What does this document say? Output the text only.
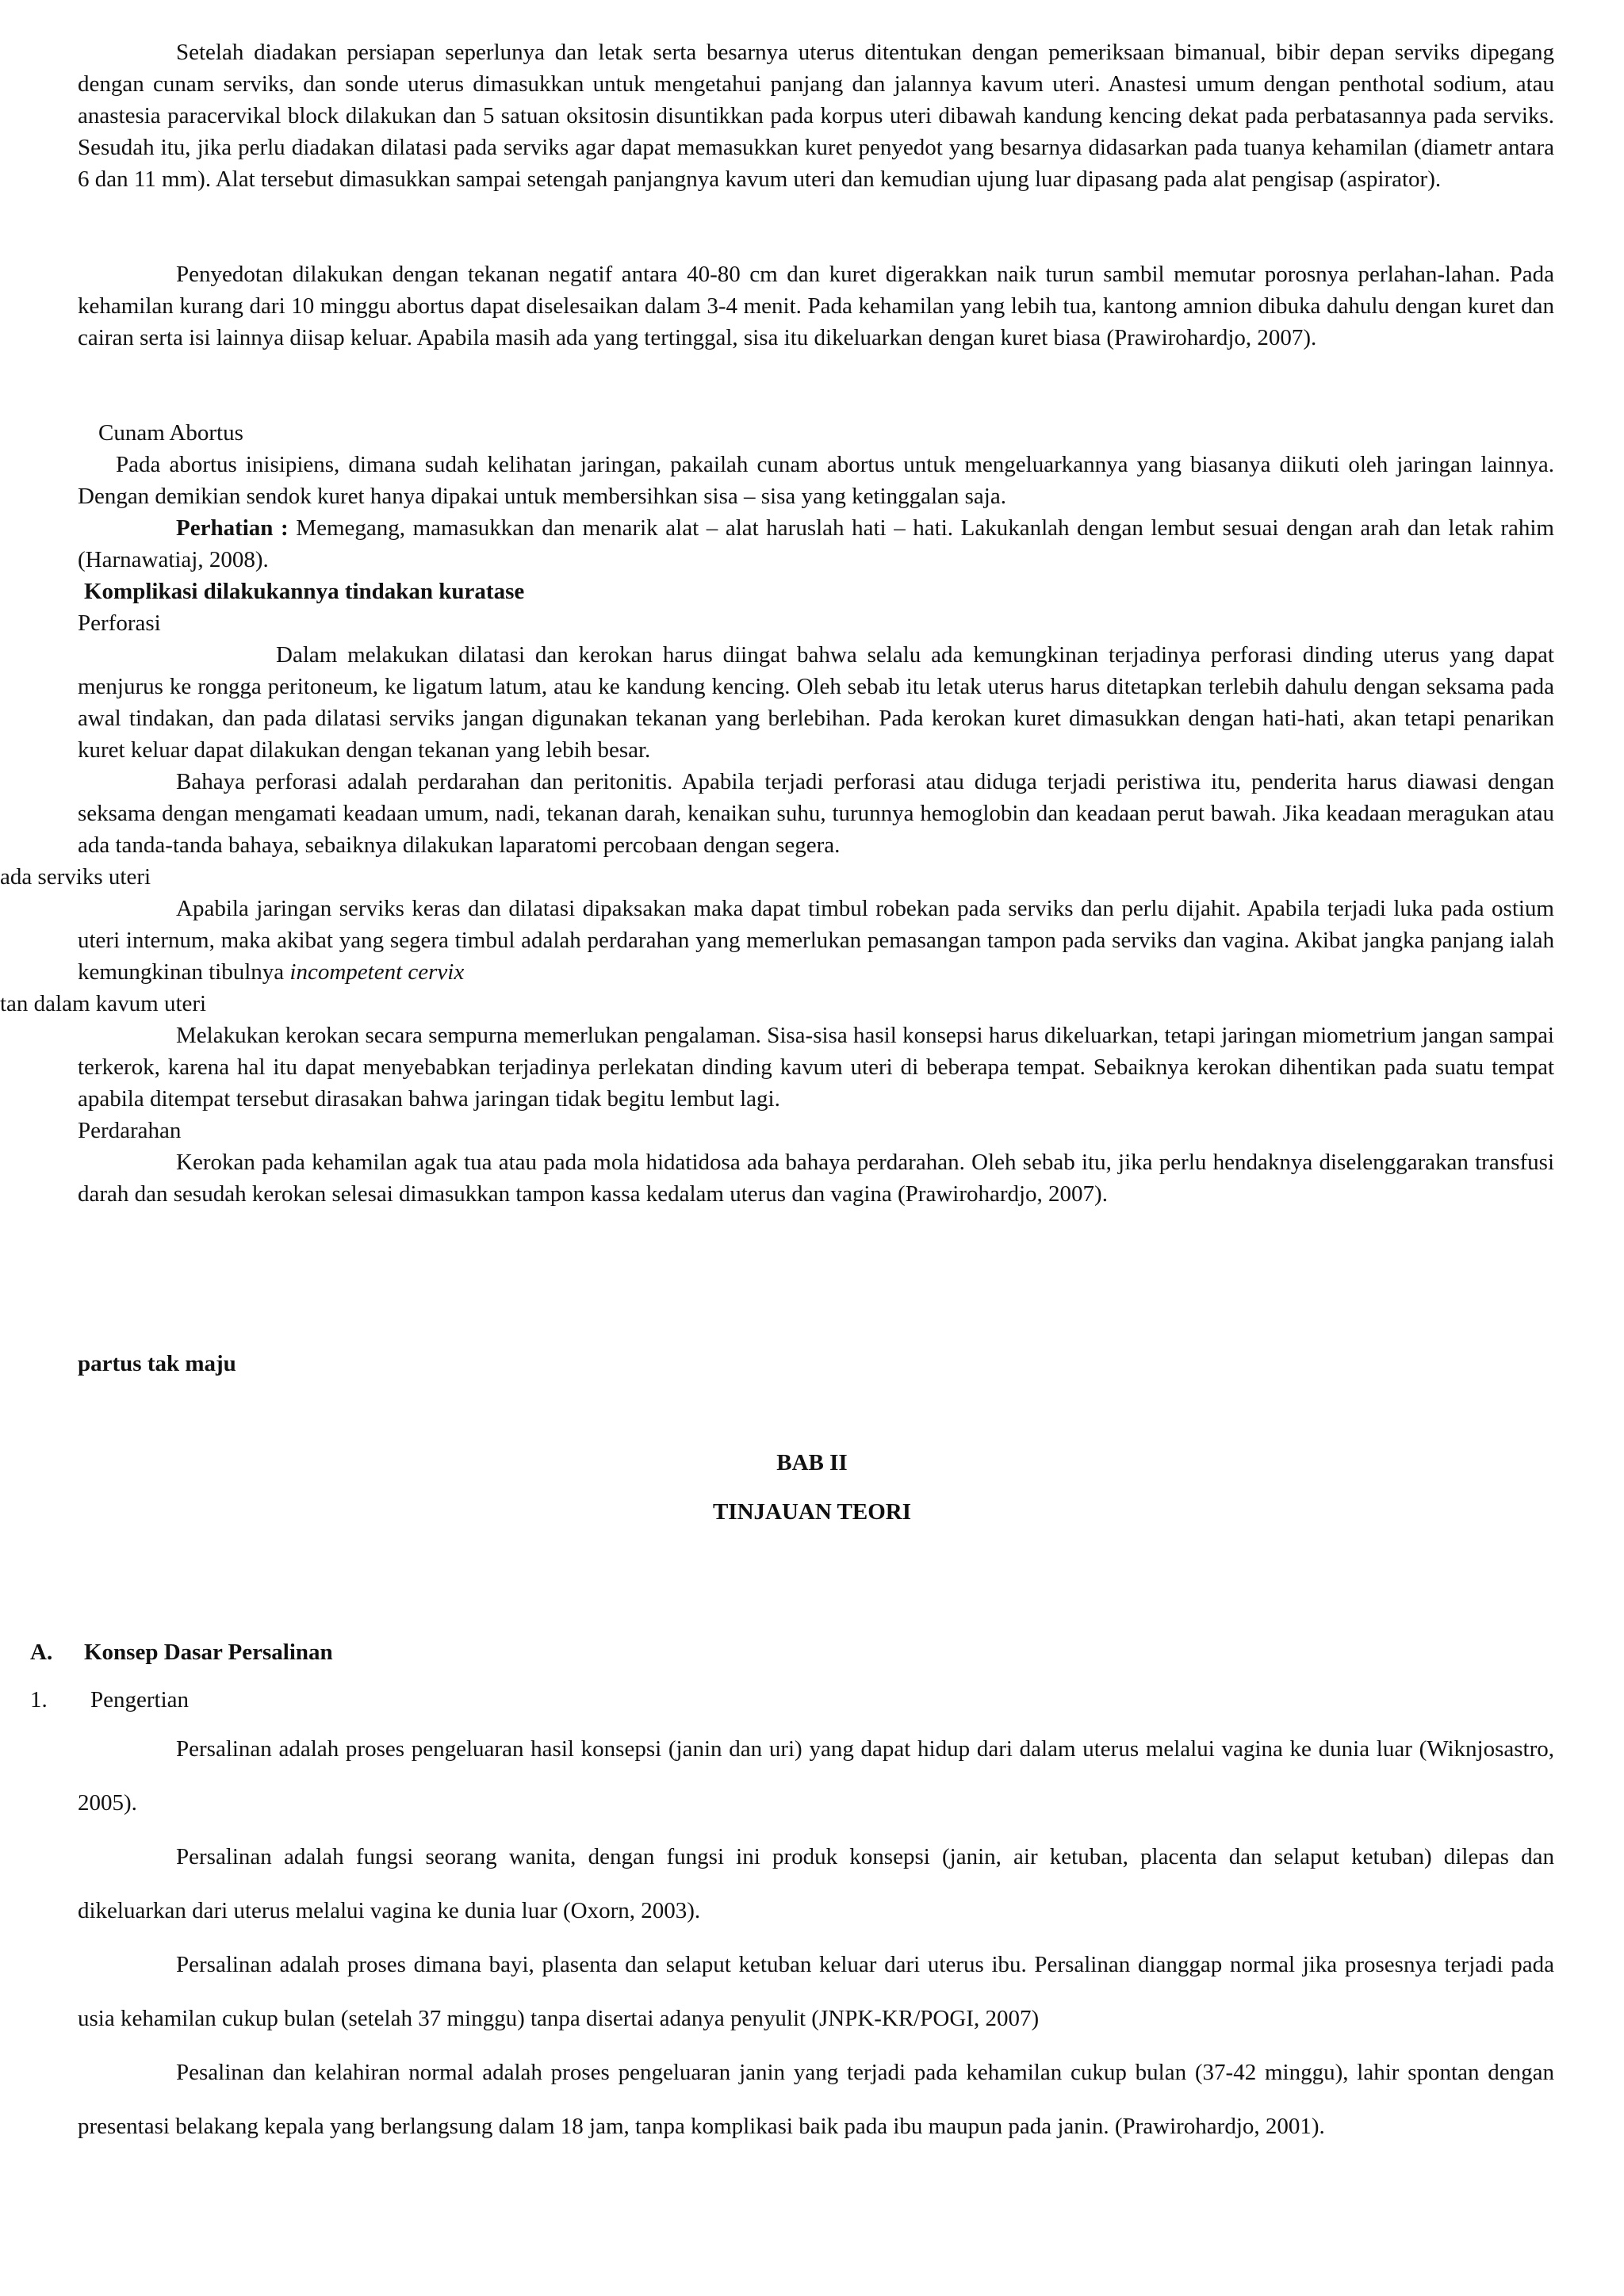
Setelah diadakan persiapan seperlunya dan letak serta besarnya uterus ditentukan dengan pemeriksaan bimanual, bibir depan serviks dipegang dengan cunam serviks, dan sonde uterus dimasukkan untuk mengetahui panjang dan jalannya kavum uteri. Anastesi umum dengan penthotal sodium, atau anastesia paracervikal block dilakukan dan 5 satuan oksitosin disuntikkan pada korpus uteri dibawah kandung kencing dekat pada perbatasannya pada serviks. Sesudah itu, jika perlu diadakan dilatasi pada serviks agar dapat memasukkan kuret penyedot yang besarnya didasarkan pada tuanya kehamilan (diametr antara 6 dan 11 mm). Alat tersebut dimasukkan sampai setengah panjangnya kavum uteri dan kemudian ujung luar dipasang pada alat pengisap (aspirator).

Penyedotan dilakukan dengan tekanan negatif antara 40-80 cm dan kuret digerakkan naik turun sambil memutar porosnya perlahan-lahan. Pada kehamilan kurang dari 10 minggu abortus dapat diselesaikan dalam 3-4 menit. Pada kehamilan yang lebih tua, kantong amnion dibuka dahulu dengan kuret dan cairan serta isi lainnya diisap keluar. Apabila masih ada yang tertinggal, sisa itu dikeluarkan dengan kuret biasa (Prawirohardjo, 2007).

Cunam Abortus

Pada abortus inisipiens, dimana sudah kelihatan jaringan, pakailah cunam abortus untuk mengeluarkannya yang biasanya diikuti oleh jaringan lainnya. Dengan demikian sendok kuret hanya dipakai untuk membersihkan sisa – sisa yang ketinggalan saja.

Perhatian : Memegang, mamasukkan dan menarik alat – alat haruslah hati – hati. Lakukanlah dengan lembut sesuai dengan arah dan letak rahim (Harnawatiaj, 2008).

Komplikasi dilakukannya tindakan kuratase

Perforasi

Dalam melakukan dilatasi dan kerokan harus diingat bahwa selalu ada kemungkinan terjadinya perforasi dinding uterus yang dapat menjurus ke rongga peritoneum, ke ligatum latum, atau ke kandung kencing. Oleh sebab itu letak uterus harus ditetapkan terlebih dahulu dengan seksama pada awal tindakan, dan pada dilatasi serviks jangan digunakan tekanan yang berlebihan. Pada kerokan kuret dimasukkan dengan hati-hati, akan tetapi penarikan kuret keluar dapat dilakukan dengan tekanan yang lebih besar.

Bahaya perforasi adalah perdarahan dan peritonitis. Apabila terjadi perforasi atau diduga terjadi peristiwa itu, penderita harus diawasi dengan seksama dengan mengamati keadaan umum, nadi, tekanan darah, kenaikan suhu, turunnya hemoglobin dan keadaan perut bawah. Jika keadaan meragukan atau ada tanda-tanda bahaya, sebaiknya dilakukan laparatomi percobaan dengan segera.

ada serviks uteri

Apabila jaringan serviks keras dan dilatasi dipaksakan maka dapat timbul robekan pada serviks dan perlu dijahit. Apabila terjadi luka pada ostium uteri internum, maka akibat yang segera timbul adalah perdarahan yang memerlukan pemasangan tampon pada serviks dan vagina. Akibat jangka panjang ialah kemungkinan tibulnya incompetent cervix

tan dalam kavum uteri

Melakukan kerokan secara sempurna memerlukan pengalaman. Sisa-sisa hasil konsepsi harus dikeluarkan, tetapi jaringan miometrium jangan sampai terkerok, karena hal itu dapat menyebabkan terjadinya perlekatan dinding kavum uteri di beberapa tempat. Sebaiknya kerokan dihentikan pada suatu tempat apabila ditempat tersebut dirasakan bahwa jaringan tidak begitu lembut lagi.

Perdarahan

Kerokan pada kehamilan agak tua atau pada mola hidatidosa ada bahaya perdarahan. Oleh sebab itu, jika perlu hendaknya diselenggarakan transfusi darah dan sesudah kerokan selesai dimasukkan tampon kassa kedalam uterus dan vagina (Prawirohardjo, 2007).

partus tak maju

BAB II

TINJAUAN TEORI

A. Konsep Dasar Persalinan

1. Pengertian

Persalinan adalah proses pengeluaran hasil konsepsi (janin dan uri) yang dapat hidup dari dalam uterus melalui vagina ke dunia luar (Wiknjosastro, 2005).

Persalinan adalah fungsi seorang wanita, dengan fungsi ini produk konsepsi (janin, air ketuban, placenta dan selaput ketuban) dilepas dan dikeluarkan dari uterus melalui vagina ke dunia luar (Oxorn, 2003).

Persalinan adalah proses dimana bayi, plasenta dan selaput ketuban keluar dari uterus ibu. Persalinan dianggap normal jika prosesnya terjadi pada usia kehamilan cukup bulan (setelah 37 minggu) tanpa disertai adanya penyulit (JNPK-KR/POGI, 2007)

Pesalinan dan kelahiran normal adalah proses pengeluaran janin yang terjadi pada kehamilan cukup bulan (37-42 minggu), lahir spontan dengan presentasi belakang kepala yang berlangsung dalam 18 jam, tanpa komplikasi baik pada ibu maupun pada janin. (Prawirohardjo, 2001).
